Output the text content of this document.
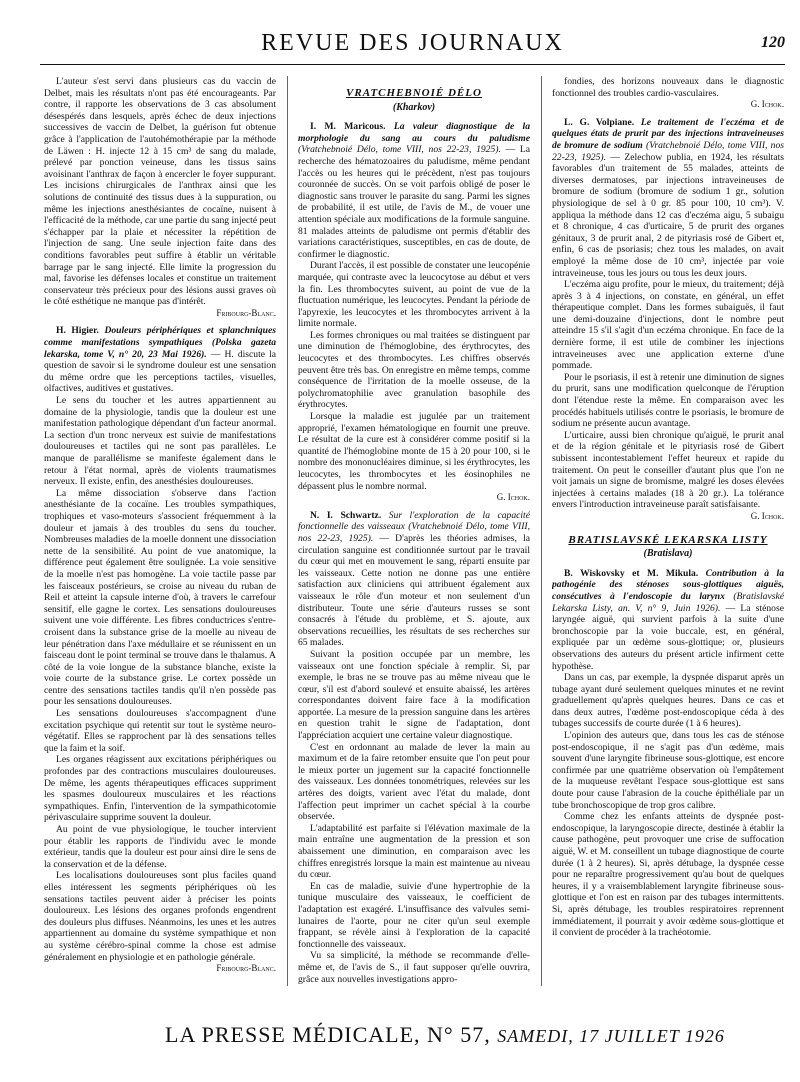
REVUE DES JOURNAUX	120

L'auteur s'est servi dans plusieurs cas du vaccin de Delbet, mais les résultats n'ont pas été encourageants. Par contre, il rapporte les observations de 3 cas absolument désespérés dans lesquels, après échec de deux injections successives de vaccin de Delbet, la guérison fut obtenue grâce à l'application de l'autohémothérapie par la méthode de Läwen : H. injecte 12 à 15 cm³ de sang du malade, prélevé par ponction veineuse, dans les tissus sains avoisinant l'anthrax de façon à encercler le foyer suppurant. Les incisions chirurgicales de l'anthrax ainsi que les solutions de continuité des tissus dues à la suppuration, ou même les injections anesthésiantes de cocaïne, nuisent à l'efficacité de la méthode, car une partie du sang injecté peut s'échapper par la plaie et nécessiter la répétition de l'injection de sang. Une seule injection faite dans des conditions favorables peut suffire à établir un véritable barrage par le sang injecté. Elle limite la progression du mal, favorise les défenses locales et constitue un traitement conservateur très précieux pour des lésions aussi graves où le côté esthétique ne manque pas d'intérêt.

Fribourg-Blanc.

H. Higier. Douleurs périphériques et splanchniques comme manifestations sympathiques (Polska gazeta lekarska, tome V, n° 20, 23 Mai 1926). — H. discute la question de savoir si le syndrome douleur est une sensation du même ordre que les perceptions tactiles, visuelles, olfactives, auditives et gustatives.

Le sens du toucher et les autres appartiennent au domaine de la physiologie, tandis que la douleur est une manifestation pathologique dépendant d'un facteur anormal. La section d'un tronc nerveux est suivie de manifestations douloureuses et tactiles qui ne sont pas parallèles. Le manque de parallélisme se manifeste également dans le retour à l'état normal, après de violents traumatismes nerveux. Il existe, enfin, des anesthésies douloureuses.

La même dissociation s'observe dans l'action anesthésiante de la cocaïne. Les troubles sympathiques, trophiques et vaso-moteurs s'associent fréquemment à la douleur et jamais à des troubles du sens du toucher. Nombreuses maladies de la moelle donnent une dissociation nette de la sensibilité. Au point de vue anatomique, la différence peut également être soulignée. La voie sensitive de la moelle n'est pas homogène. La voie tactile passe par les faisceaux postérieurs, se croise au niveau du ruban de Reil et atteint la capsule interne d'où, à travers le carrefour sensitif, elle gagne le cortex. Les sensations douloureuses suivent une voie différente. Les fibres conductrices s'entre-croisent dans la substance grise de la moelle au niveau de leur pénétration dans l'axe médullaire et se réunissent en un faisceau dont le point terminal se trouve dans le thalamus. A côté de la voie longue de la substance blanche, existe la voie courte de la substance grise. Le cortex possède un centre des sensations tactiles tandis qu'il n'en possède pas pour les sensations douloureuses.

Les sensations douloureuses s'accompagnent d'une excitation psychique qui retentit sur tout le système neuro-végétatif. Elles se rapprochent par là des sensations telles que la faim et la soif.

Les organes réagissent aux excitations périphériques ou profondes par des contractions musculaires douloureuses. De même, les agents thérapeutiques efficaces suppriment les spasmes douloureux musculaires et les réactions sympathiques. Enfin, l'intervention de la sympathicotomie périvasculaire supprime souvent la douleur.

Au point de vue physiologique, le toucher intervient pour établir les rapports de l'individu avec le monde extérieur, tandis que la douleur est pour ainsi dire le sens de la conservation et de la défense.

Les localisations douloureuses sont plus faciles quand elles intéressent les segments périphériques où les sensations tactiles peuvent aider à préciser les points douloureux. Les lésions des organes profonds engendrent des douleurs plus diffuses. Néanmoins, les unes et les autres appartiennent au domaine du système sympathique et non au système cérébro-spinal comme la chose est admise généralement en physiologie et en pathologie générale.

Fribourg-Blanc.

VRATCHEBNOIÉ DÉLO
(Kharkov)

I. M. Maricous. La valeur diagnostique de la morphologie du sang au cours du paludisme (Vratchebnoié Délo, tome VIII, nos 22-23, 1925). — La recherche des hématozoaires du paludisme, même pendant l'accès ou les heures qui le précèdent, n'est pas toujours couronnée de succès. On se voit parfois obligé de poser le diagnostic sans trouver le parasite du sang. Parmi les signes de probabilité, il est utile, de l'avis de M., de vouer une attention spéciale aux modifications de la formule sanguine. 81 malades atteints de paludisme ont permis d'établir des variations caractéristiques, susceptibles, en cas de doute, de confirmer le diagnostic.

Durant l'accès, il est possible de constater une leucopénie marquée, qui contraste avec la leucocytose au début et vers la fin. Les thrombocytes suivent, au point de vue de la fluctuation numérique, les leucocytes. Pendant la période de l'apyrexie, les leucocytes et les thrombocytes arrivent à la limite normale.

Les formes chroniques ou mal traitées se distinguent par une diminution de l'hémoglobine, des érythrocytes, des leucocytes et des thrombocytes. Les chiffres observés peuvent être très bas. On enregistre en même temps, comme conséquence de l'irritation de la moelle osseuse, de la polychromatophilie avec granulation basophile des érythrocytes.

Lorsque la maladie est jugulée par un traitement approprié, l'examen hématologique en fournit une preuve. Le résultat de la cure est à considérer comme positif si la quantité de l'hémoglobine monte de 15 à 20 pour 100, si le nombre des mononucléaires diminue, si les érythrocytes, les leucocytes, les thrombocytes et les éosinophiles ne dépassent plus le nombre normal.

G. Ichok.

N. I. Schwartz. Sur l'exploration de la capacité fonctionnelle des vaisseaux (Vratchebnoié Délo, tome VIII, nos 22-23, 1925). — D'après les théories admises, la circulation sanguine est conditionnée surtout par le travail du cœur qui met en mouvement le sang, réparti ensuite par les vaisseaux. Cette notion ne donne pas une entière satisfaction aux cliniciens qui attribuent également aux vaisseaux le rôle d'un moteur et non seulement d'un distributeur. Toute une série d'auteurs russes se sont consacrés à l'étude du problème, et S. ajoute, aux observations recueillies, les résultats de ses recherches sur 65 malades.

Suivant la position occupée par un membre, les vaisseaux ont une fonction spéciale à remplir. Si, par exemple, le bras ne se trouve pas au même niveau que le cœur, s'il est d'abord soulevé et ensuite abaissé, les artères correspondantes doivent faire face à la modification apportée. La mesure de la pression sanguine dans les artères en question trahit le signe de l'adaptation, dont l'appréciation acquiert une certaine valeur diagnostique.

C'est en ordonnant au malade de lever la main au maximum et de la faire retomber ensuite que l'on peut pour le mieux porter un jugement sur la capacité fonctionnelle des vaisseaux. Les données tonométriques, relevées sur les artères des doigts, varient avec l'état du malade, dont l'affection peut imprimer un cachet spécial à la courbe observée.

L'adaptabilité est parfaite si l'élévation maximale de la main entraîne une augmentation de la pression et son abaissement une diminution, en comparaison avec les chiffres enregistrés lorsque la main est maintenue au niveau du cœur.

En cas de maladie, suivie d'une hypertrophie de la tunique musculaire des vaisseaux, le coefficient de l'adaptation est exagéré. L'insuffisance des valvules semi-lunaires de l'aorte, pour ne citer qu'un seul exemple frappant, se révèle ainsi à l'exploration de la capacité fonctionnelle des vaisseaux.

Vu sa simplicité, la méthode se recommande d'elle-même et, de l'avis de S., il faut supposer qu'elle ouvrira, grâce aux nouvelles investigations appro-

fondies, des horizons nouveaux dans le diagnostic fonctionnel des troubles cardio-vasculaires.

G. Ichok.

L. G. Volpiane. Le traitement de l'eczéma et de quelques états de prurit par des injections intraveineuses de bromure de sodium (Vratchebnoié Délo, tome VIII, nos 22-23, 1925). — Zelechow publia, en 1924, les résultats favorables d'un traitement de 55 malades, atteints de diverses dermatoses, par injections intraveineuses de bromure de sodium (bromure de sodium 1 gr., solution physiologique de sel à 0 gr. 85 pour 100, 10 cm³). V. appliqua la méthode dans 12 cas d'eczéma aigu, 5 subaigu et 8 chronique, 4 cas d'urticaire, 5 de prurit des organes génitaux, 3 de prurit anal, 2 de pityriasis rosé de Gibert et, enfin, 6 cas de psoriasis; chez tous les malades, on avait employé la même dose de 10 cm³, injectée par voie intraveineuse, tous les jours ou tous les deux jours.

L'eczéma aigu profite, pour le mieux, du traitement; déjà après 3 à 4 injections, on constate, en général, un effet thérapeutique complet. Dans les formes subaiguës, il faut une demi-douzaine d'injections, dont le nombre peut atteindre 15 s'il s'agit d'un eczéma chronique. En face de la dernière forme, il est utile de combiner les injections intraveineuses avec une application externe d'une pommade.

Pour le psoriasis, il est à retenir une diminution de signes du prurit, sans une modification quelconque de l'éruption dont l'étendue reste la même. En comparaison avec les procédés habituels utilisés contre le psoriasis, le bromure de sodium ne présente aucun avantage.

L'urticaire, aussi bien chronique qu'aiguë, le prurit anal et de la région génitale et le pityriasis rosé de Gibert subissent incontestablement l'effet heureux et rapide du traitement. On peut le conseiller d'autant plus que l'on ne voit jamais un signe de bromisme, malgré les doses élevées injectées à certains malades (18 à 20 gr.). La tolérance envers l'introduction intraveineuse paraît satisfaisante.

G. Ichok.

BRATISLAVSKÉ LEKARSKA LISTY
(Bratislava)

B. Wiskovsky et M. Mikula. Contribution à la pathogénie des sténoses sous-glottiques aiguës, consécutives à l'endoscopie du larynx (Bratislavské Lekarska Listy, an. V, n° 9, Juin 1926). — La sténose laryngée aiguë, qui survient parfois à la suite d'une bronchoscopie par la voie buccale, est, en général, expliquée par un œdème sous-glottique; or, plusieurs observations des auteurs du présent article infirment cette hypothèse.

Dans un cas, par exemple, la dyspnée disparut après un tubage ayant duré seulement quelques minutes et ne revint graduellement qu'après quelques heures. Dans ce cas et dans deux autres, l'œdème post-endoscopique céda à des tubages successifs de courte durée (1 à 6 heures).

L'opinion des auteurs que, dans tous les cas de sténose post-endoscopique, il ne s'agit pas d'un œdème, mais souvent d'une laryngite fibrineuse sous-glottique, est encore confirmée par une quatrième observation où l'empâtement de la muqueuse revêtant l'espace sous-glottique est sans doute pour cause l'abrasion de la couche épithéliale par un tube bronchoscopique de trop gros calibre.

Comme chez les enfants atteints de dyspnée post-endoscopique, la laryngoscopie directe, destinée à établir la cause pathogène, peut provoquer une crise de suffocation aiguë, W. et M. conseillent un tubage diagnostique de courte durée (1 à 2 heures). Si, après détubage, la dyspnée cesse pour ne reparaître progressivement qu'au bout de quelques heures, il y a vraisemblablement laryngite fibrineuse sous-glottique et l'on est en raison par des tubages intermittents. Si, après détubage, les troubles respiratoires reprennent immédiatement, il pourrait y avoir œdème sous-glottique et il convient de procéder à la trachéotomie.

LA PRESSE MÉDICALE, N° 57, SAMEDI, 17 JUILLET 1926
